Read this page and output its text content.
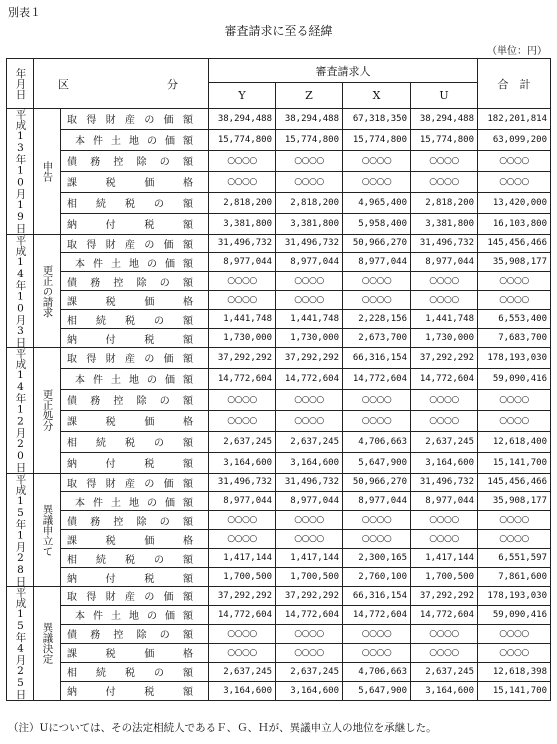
別表１
審査請求に至る経緯
（単位：円）
年月日	区 分		審査請求人				合　計
			Y	Z	X	U	

平成13年10月19日	申告	取得財産の価額	38,294,488	38,294,488	67,318,350	38,294,488	182,201,814

		本件土地の価額	15,774,800	15,774,800	15,774,800	15,774,800	63,099,200

		債務控除の額	○○○○	○○○○	○○○○	○○○○	○○○○

		課税価格	○○○○	○○○○	○○○○	○○○○	○○○○

		相続税の額	2,818,200	2,818,200	4,965,400	2,818,200	13,420,000

		納付税額	3,381,800	3,381,800	5,958,400	3,381,800	16,103,800

平成14年10月3日	更正の請求	取得財産の価額	31,496,732	31,496,732	50,966,270	31,496,732	145,456,466

		本件土地の価額	8,977,044	8,977,044	8,977,044	8,977,044	35,908,177

		債務控除の額	○○○○	○○○○	○○○○	○○○○	○○○○

		課税価格	○○○○	○○○○	○○○○	○○○○	○○○○

		相続税の額	1,441,748	1,441,748	2,228,156	1,441,748	6,553,400

		納付税額	1,730,000	1,730,000	2,673,700	1,730,000	7,683,700

平成14年12月20日	更正処分	取得財産の価額	37,292,292	37,292,292	66,316,154	37,292,292	178,193,030

		本件土地の価額	14,772,604	14,772,604	14,772,604	14,772,604	59,090,416

		債務控除の額	○○○○	○○○○	○○○○	○○○○	○○○○

		課税価格	○○○○	○○○○	○○○○	○○○○	○○○○

		相続税の額	2,637,245	2,637,245	4,706,663	2,637,245	12,618,400

		納付税額	3,164,600	3,164,600	5,647,900	3,164,600	15,141,700

平成15年1月28日	異議申立て	取得財産の価額	31,496,732	31,496,732	50,966,270	31,496,732	145,456,466

		本件土地の価額	8,977,044	8,977,044	8,977,044	8,977,044	35,908,177

		債務控除の額	○○○○	○○○○	○○○○	○○○○	○○○○

		課税価格	○○○○	○○○○	○○○○	○○○○	○○○○

		相続税の額	1,417,144	1,417,144	2,300,165	1,417,144	6,551,597

		納付税額	1,700,500	1,700,500	2,760,100	1,700,500	7,861,600

平成15年4月25日	異議決定	取得財産の価額	37,292,292	37,292,292	66,316,154	37,292,292	178,193,030

		本件土地の価額	14,772,604	14,772,604	14,772,604	14,772,604	59,090,416

		債務控除の額	○○○○	○○○○	○○○○	○○○○	○○○○

		課税価格	○○○○	○○○○	○○○○	○○○○	○○○○

		相続税の額	2,637,245	2,637,245	4,706,663	2,637,245	12,618,398

		納付税額	3,164,600	3,164,600	5,647,900	3,164,600	15,141,700
（注）Uについては、その法定相続人であるＦ、Ｇ、Ｈが、異議申立人の地位を承継した。
